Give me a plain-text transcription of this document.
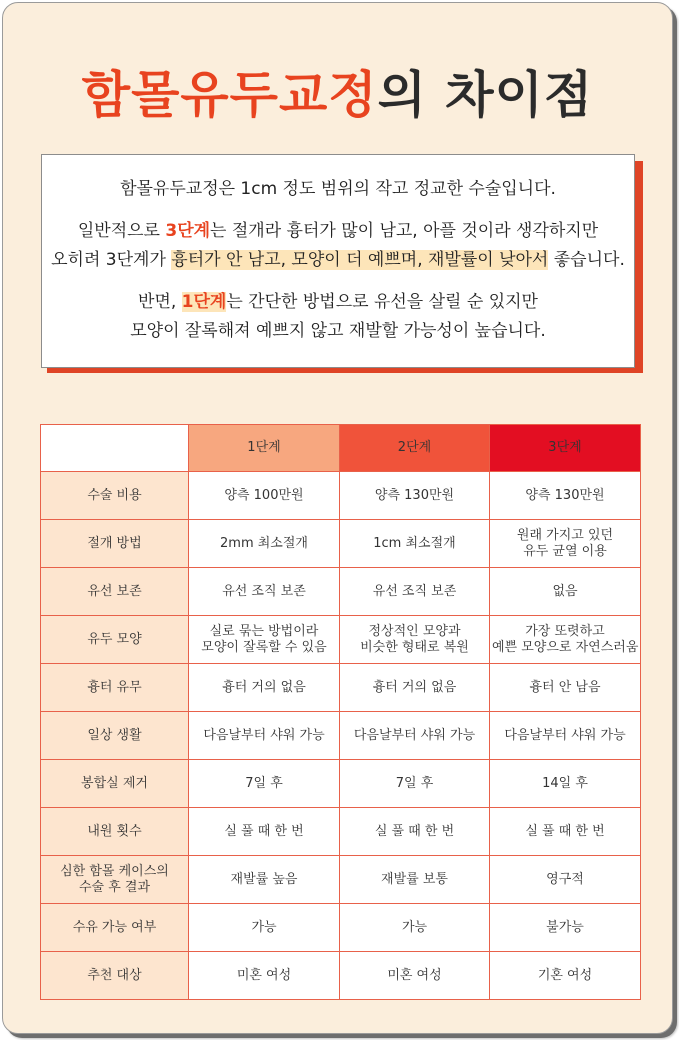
함몰유두교정의 차이점

함몰유두교정은 1cm 정도 범위의 작고 정교한 수술입니다.

일반적으로 3단계는 절개라 흉터가 많이 남고, 아플 것이라 생각하지만

오히려 3단계가 흉터가 안 남고, 모양이 더 예쁘며, 재발률이 낮아서 좋습니다.

반면, 1단계는 간단한 방법으로 유선을 살릴 순 있지만

모양이 잘록해져 예쁘지 않고 재발할 가능성이 높습니다.

	1단계	2단계	3단계

수술 비용	양측 100만원	양측 130만원	양측 130만원

절개 방법	2mm 최소절개	1cm 최소절개	원래 가지고 있던
유두 균열 이용

유선 보존	유선 조직 보존	유선 조직 보존	없음

유두 모양	실로 묶는 방법이라
모양이 잘록할 수 있음	정상적인 모양과
비슷한 형태로 복원	가장 또렷하고
예쁜 모양으로 자연스러움

흉터 유무	흉터 거의 없음	흉터 거의 없음	흉터 안 남음

일상 생활	다음날부터 샤워 가능	다음날부터 샤워 가능	다음날부터 샤워 가능

봉합실 제거	7일 후	7일 후	14일 후

내원 횟수	실 풀 때 한 번	실 풀 때 한 번	실 풀 때 한 번

심한 함몰 케이스의
수술 후 결과	재발률 높음	재발률 보통	영구적

수유 가능 여부	가능	가능	불가능

추천 대상	미혼 여성	미혼 여성	기혼 여성
